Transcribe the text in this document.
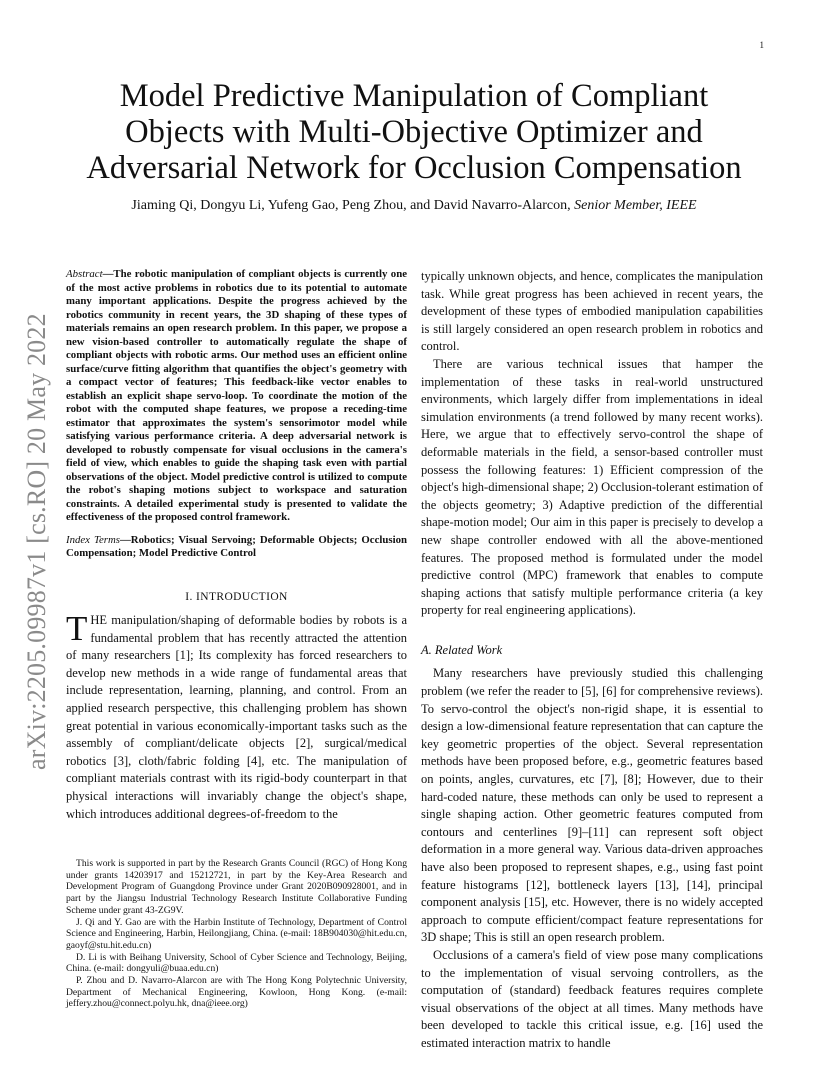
1
Model Predictive Manipulation of Compliant
Objects with Multi-Objective Optimizer and
Adversarial Network for Occlusion Compensation
Jiaming Qi, Dongyu Li, Yufeng Gao, Peng Zhou, and David Navarro-Alarcon, Senior Member, IEEE
arXiv:2205.09987v1 [cs.RO] 20 May 2022

Abstract—The robotic manipulation of compliant objects is currently one of the most active problems in robotics due to its potential to automate many important applications. Despite the progress achieved by the robotics community in recent years, the 3D shaping of these types of materials remains an open research problem. In this paper, we propose a new vision-based controller to automatically regulate the shape of compliant objects with robotic arms. Our method uses an efficient online surface/curve fitting algorithm that quantifies the object's geometry with a compact vector of features; This feedback-like vector enables to establish an explicit shape servo-loop. To coordinate the motion of the robot with the computed shape features, we propose a receding-time estimator that approximates the system's sensorimotor model while satisfying various performance criteria. A deep adversarial network is developed to robustly compensate for visual occlusions in the camera's field of view, which enables to guide the shaping task even with partial observations of the object. Model predictive control is utilized to compute the robot's shaping motions subject to workspace and saturation constraints. A detailed experimental study is presented to validate the effectiveness of the proposed control framework.

Index Terms—Robotics; Visual Servoing; Deformable Objects; Occlusion Compensation; Model Predictive Control

I. INTRODUCTION

THE manipulation/shaping of deformable bodies by robots is a fundamental problem that has recently attracted the attention of many researchers [1]; Its complexity has forced researchers to develop new methods in a wide range of fundamental areas that include representation, learning, planning, and control. From an applied research perspective, this challenging problem has shown great potential in various economically-important tasks such as the assembly of compliant/delicate objects [2], surgical/medical robotics [3], cloth/fabric folding [4], etc. The manipulation of compliant materials contrast with its rigid-body counterpart in that physical interactions will invariably change the object's shape, which introduces additional degrees-of-freedom to the

This work is supported in part by the Research Grants Council (RGC) of Hong Kong under grants 14203917 and 15212721, in part by the Key-Area Research and Development Program of Guangdong Province under Grant 2020B090928001, and in part by the Jiangsu Industrial Technology Research Institute Collaborative Funding Scheme under grant 43-ZG9V.

J. Qi and Y. Gao are with the Harbin Institute of Technology, Department of Control Science and Engineering, Harbin, Heilongjiang, China. (e-mail: 18B904030@hit.edu.cn, gaoyf@stu.hit.edu.cn)

D. Li is with Beihang University, School of Cyber Science and Technology, Beijing, China. (e-mail: dongyuli@buaa.edu.cn)

P. Zhou and D. Navarro-Alarcon are with The Hong Kong Polytechnic University, Department of Mechanical Engineering, Kowloon, Hong Kong. (e-mail: jeffery.zhou@connect.polyu.hk, dna@ieee.org)

typically unknown objects, and hence, complicates the manipulation task. While great progress has been achieved in recent years, the development of these types of embodied manipulation capabilities is still largely considered an open research problem in robotics and control.

There are various technical issues that hamper the implementation of these tasks in real-world unstructured environments, which largely differ from implementations in ideal simulation environments (a trend followed by many recent works). Here, we argue that to effectively servo-control the shape of deformable materials in the field, a sensor-based controller must possess the following features: 1) Efficient compression of the object's high-dimensional shape; 2) Occlusion-tolerant estimation of the objects geometry; 3) Adaptive prediction of the differential shape-motion model; Our aim in this paper is precisely to develop a new shape controller endowed with all the above-mentioned features. The proposed method is formulated under the model predictive control (MPC) framework that enables to compute shaping actions that satisfy multiple performance criteria (a key property for real engineering applications).

A. Related Work

Many researchers have previously studied this challenging problem (we refer the reader to [5], [6] for comprehensive reviews). To servo-control the object's non-rigid shape, it is essential to design a low-dimensional feature representation that can capture the key geometric properties of the object. Several representation methods have been proposed before, e.g., geometric features based on points, angles, curvatures, etc [7], [8]; However, due to their hard-coded nature, these methods can only be used to represent a single shaping action. Other geometric features computed from contours and centerlines [9]–[11] can represent soft object deformation in a more general way. Various data-driven approaches have also been proposed to represent shapes, e.g., using fast point feature histograms [12], bottleneck layers [13], [14], principal component analysis [15], etc. However, there is no widely accepted approach to compute efficient/compact feature representations for 3D shape; This is still an open research problem.

Occlusions of a camera's field of view pose many complications to the implementation of visual servoing controllers, as the computation of (standard) feedback features requires complete visual observations of the object at all times. Many methods have been developed to tackle this critical issue, e.g. [16] used the estimated interaction matrix to handle
